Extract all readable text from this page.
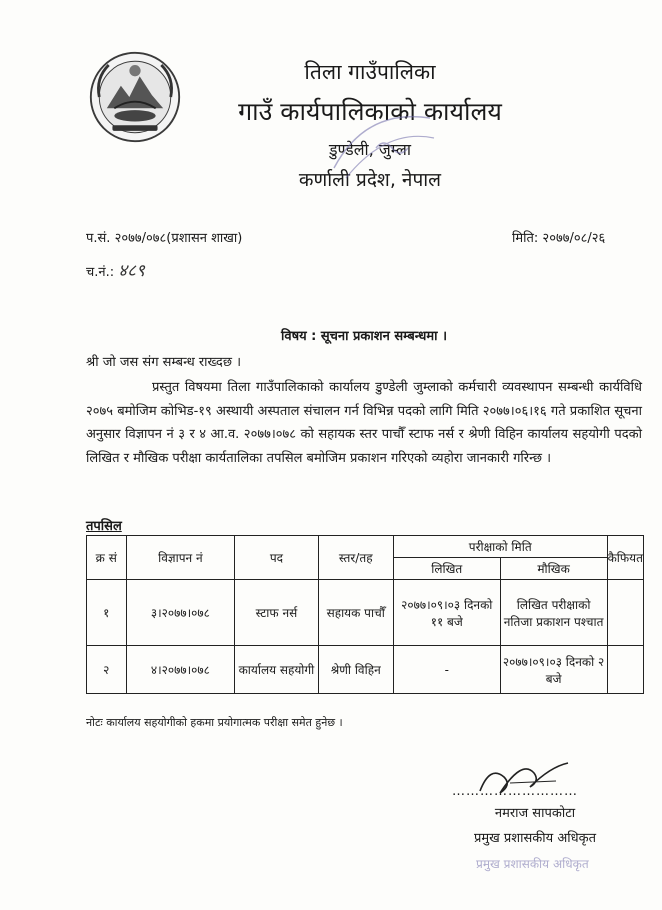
तिला गाउँपालिका
गाउँ कार्यपालिकाको कार्यालय
डुण्डेली, जुम्ला
कर्णाली प्रदेश, नेपाल
प.सं. २०७७/०७८(प्रशासन शाखा)	मिति: २०७७/०८/२६
च.नं.: ४८९
विषय : सूचना प्रकाशन सम्बन्धमा ।
श्री जो जस संग सम्बन्ध राख्दछ ।
प्रस्तुत विषयमा तिला गाउँपालिकाको कार्यालय डुण्डेली जुम्लाको कर्मचारी व्यवस्थापन सम्बन्धी कार्यविधि २०७५ बमोजिम कोभिड-१९ अस्थायी अस्पताल संचालन गर्न विभिन्न पदको लागि मिति २०७७।०६।१६ गते प्रकाशित सूचना अनुसार विज्ञापन नं ३ र ४ आ.व. २०७७।०७८ को सहायक स्तर पाचौँ स्टाफ नर्स र श्रेणी विहिन कार्यालय सहयोगी पदको लिखित र मौखिक परीक्षा कार्यतालिका तपसिल बमोजिम प्रकाशन गरिएको व्यहोरा जानकारी गरिन्छ ।
तपसिल
क्र सं	विज्ञापन नं	पद	स्तर/तह	परीक्षाको मिति		कैफियत
				लिखित	मौखिक	
१	३।२०७७।०७८	स्टाफ नर्स	सहायक पाचौँ	२०७७।०९।०३ दिनको ११ बजे	लिखित परीक्षाको नतिजा प्रकाशन पश्चात	
२	४।२०७७।०७८	कार्यालय सहयोगी	श्रेणी विहिन	-	२०७७।०९।०३ दिनको २ बजे	
नोटः कार्यालय सहयोगीको हकमा प्रयोगात्मक परीक्षा समेत हुनेछ ।
………………………
नमराज सापकोटा
प्रमुख प्रशासकीय अधिकृत
प्रमुख प्रशासकीय अधिकृत
